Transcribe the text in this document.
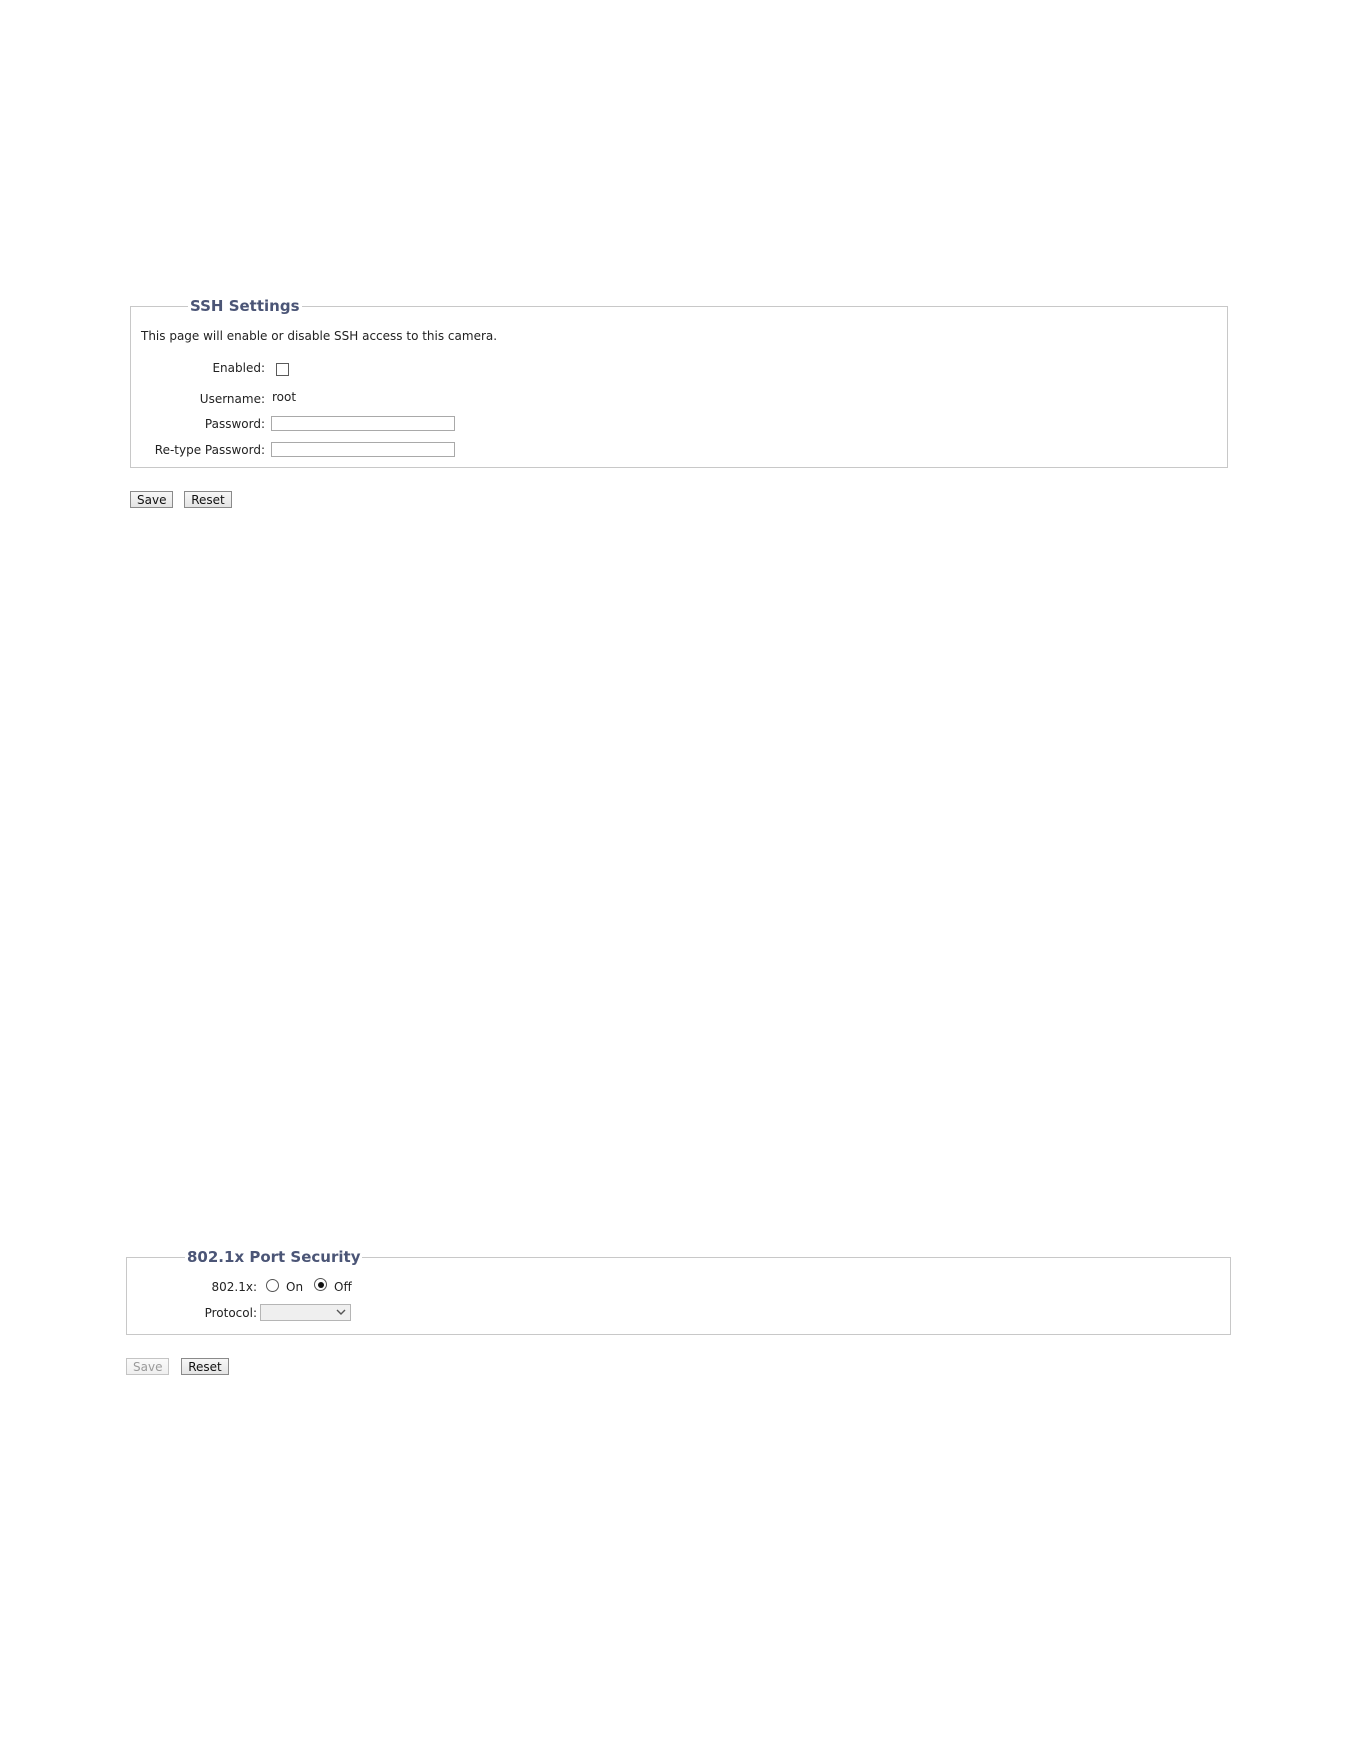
SSH Settings
This page will enable or disable SSH access to this camera.
Enabled:
Username: root
Password:
Re-type Password:
Save	Reset
802.1x Port Security
802.1x: On	Off
Protocol:
Save	Reset
